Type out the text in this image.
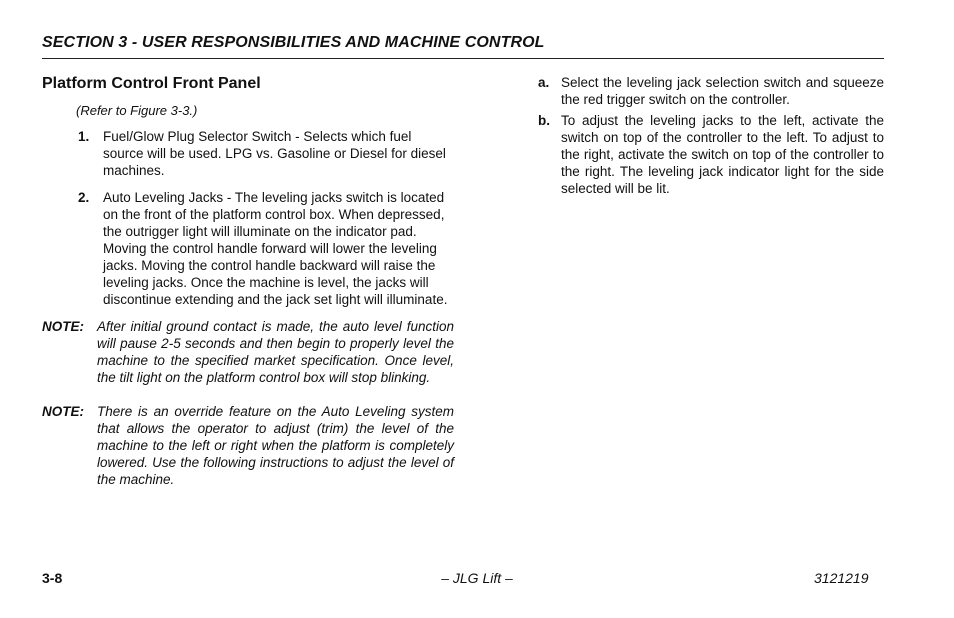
SECTION 3 - USER RESPONSIBILITIES AND MACHINE CONTROL
Platform Control Front Panel
(Refer to Figure 3-3.)
1. Fuel/Glow Plug Selector Switch - Selects which fuel source will be used. LPG vs. Gasoline or Diesel for diesel machines.
2. Auto Leveling Jacks - The leveling jacks switch is located on the front of the platform control box. When depressed, the outrigger light will illuminate on the indicator pad. Moving the control handle forward will lower the leveling jacks. Moving the control handle backward will raise the leveling jacks. Once the machine is level, the jacks will discontinue extending and the jack set light will illuminate.
NOTE: After initial ground contact is made, the auto level function will pause 2-5 seconds and then begin to properly level the machine to the specified market specification. Once level, the tilt light on the platform control box will stop blinking.
NOTE: There is an override feature on the Auto Leveling system that allows the operator to adjust (trim) the level of the machine to the left or right when the platform is completely lowered. Use the following instructions to adjust the level of the machine.
a. Select the leveling jack selection switch and squeeze the red trigger switch on the controller.
b. To adjust the leveling jacks to the left, activate the switch on top of the controller to the left. To adjust to the right, activate the switch on top of the controller to the right. The leveling jack indicator light for the side selected will be lit.
3-8	– JLG Lift –	3121219
